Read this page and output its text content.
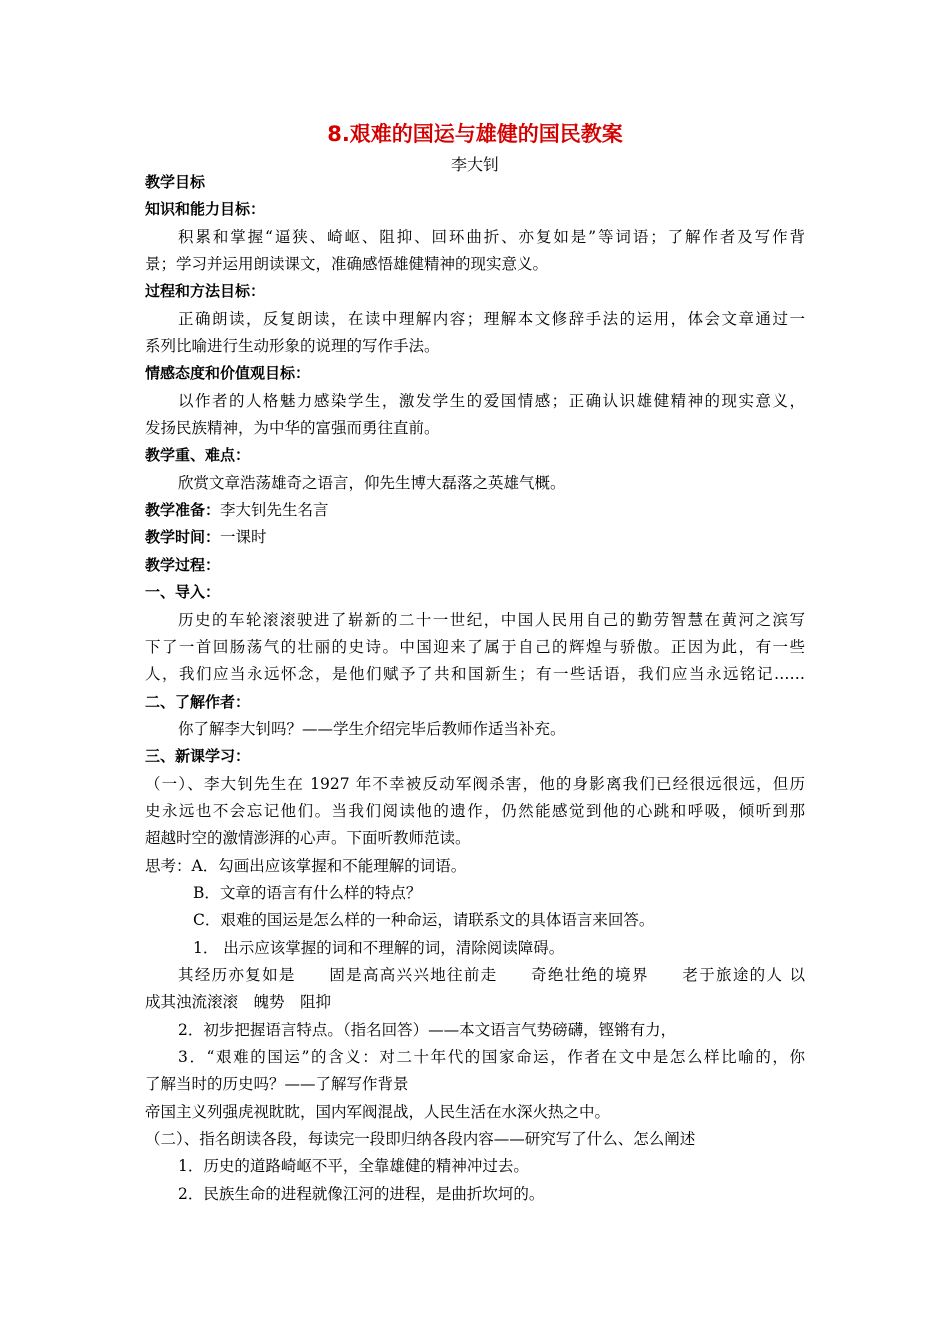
8.艰难的国运与雄健的国民教案
李大钊
教学目标
知识和能力目标：
积累和掌握“逼狭、崎岖、阻抑、回环曲折、亦复如是”等词语；了解作者及写作背
景；学习并运用朗读课文，准确感悟雄健精神的现实意义。
过程和方法目标：
正确朗读，反复朗读，在读中理解内容；理解本文修辞手法的运用，体会文章通过一
系列比喻进行生动形象的说理的写作手法。
情感态度和价值观目标：
以作者的人格魅力感染学生，激发学生的爱国情感；正确认识雄健精神的现实意义，
发扬民族精神，为中华的富强而勇往直前。
教学重、难点：
欣赏文章浩荡雄奇之语言，仰先生博大磊落之英雄气概。
教学准备：李大钊先生名言
教学时间：一课时
教学过程：
一、导入：
历史的车轮滚滚驶进了崭新的二十一世纪，中国人民用自己的勤劳智慧在黄河之滨写
下了一首回肠荡气的壮丽的史诗。中国迎来了属于自己的辉煌与骄傲。正因为此，有一些
人，我们应当永远怀念，是他们赋予了共和国新生；有一些话语，我们应当永远铭记……
二、了解作者：
你了解李大钊吗？——学生介绍完毕后教师作适当补充。
三、新课学习：
（一）、李大钊先生在 1927 年不幸被反动军阀杀害，他的身影离我们已经很远很远，但历
史永远也不会忘记他们。当我们阅读他的遗作，仍然能感觉到他的心跳和呼吸，倾听到那
超越时空的激情澎湃的心声。下面听教师范读。
思考：A．勾画出应该掌握和不能理解的词语。
B．文章的语言有什么样的特点？
C．艰难的国运是怎么样的一种命运，请联系文的具体语言来回答。
1． 出示应该掌握的词和不理解的词，清除阅读障碍。
其经历亦复如是　　固是高高兴兴地往前走　　奇绝壮绝的境界　　老于旅途的人 以
成其浊流滚滚　魄势　阻抑
2．初步把握语言特点。（指名回答）——本文语言气势磅礴，铿锵有力，
3．“艰难的国运”的含义：对二十年代的国家命运，作者在文中是怎么样比喻的，你
了解当时的历史吗？——了解写作背景
帝国主义列强虎视眈眈，国内军阀混战，人民生活在水深火热之中。
（二）、指名朗读各段，每读完一段即归纳各段内容——研究写了什么、怎么阐述
1．历史的道路崎岖不平，全靠雄健的精神冲过去。
2．民族生命的进程就像江河的进程，是曲折坎坷的。
